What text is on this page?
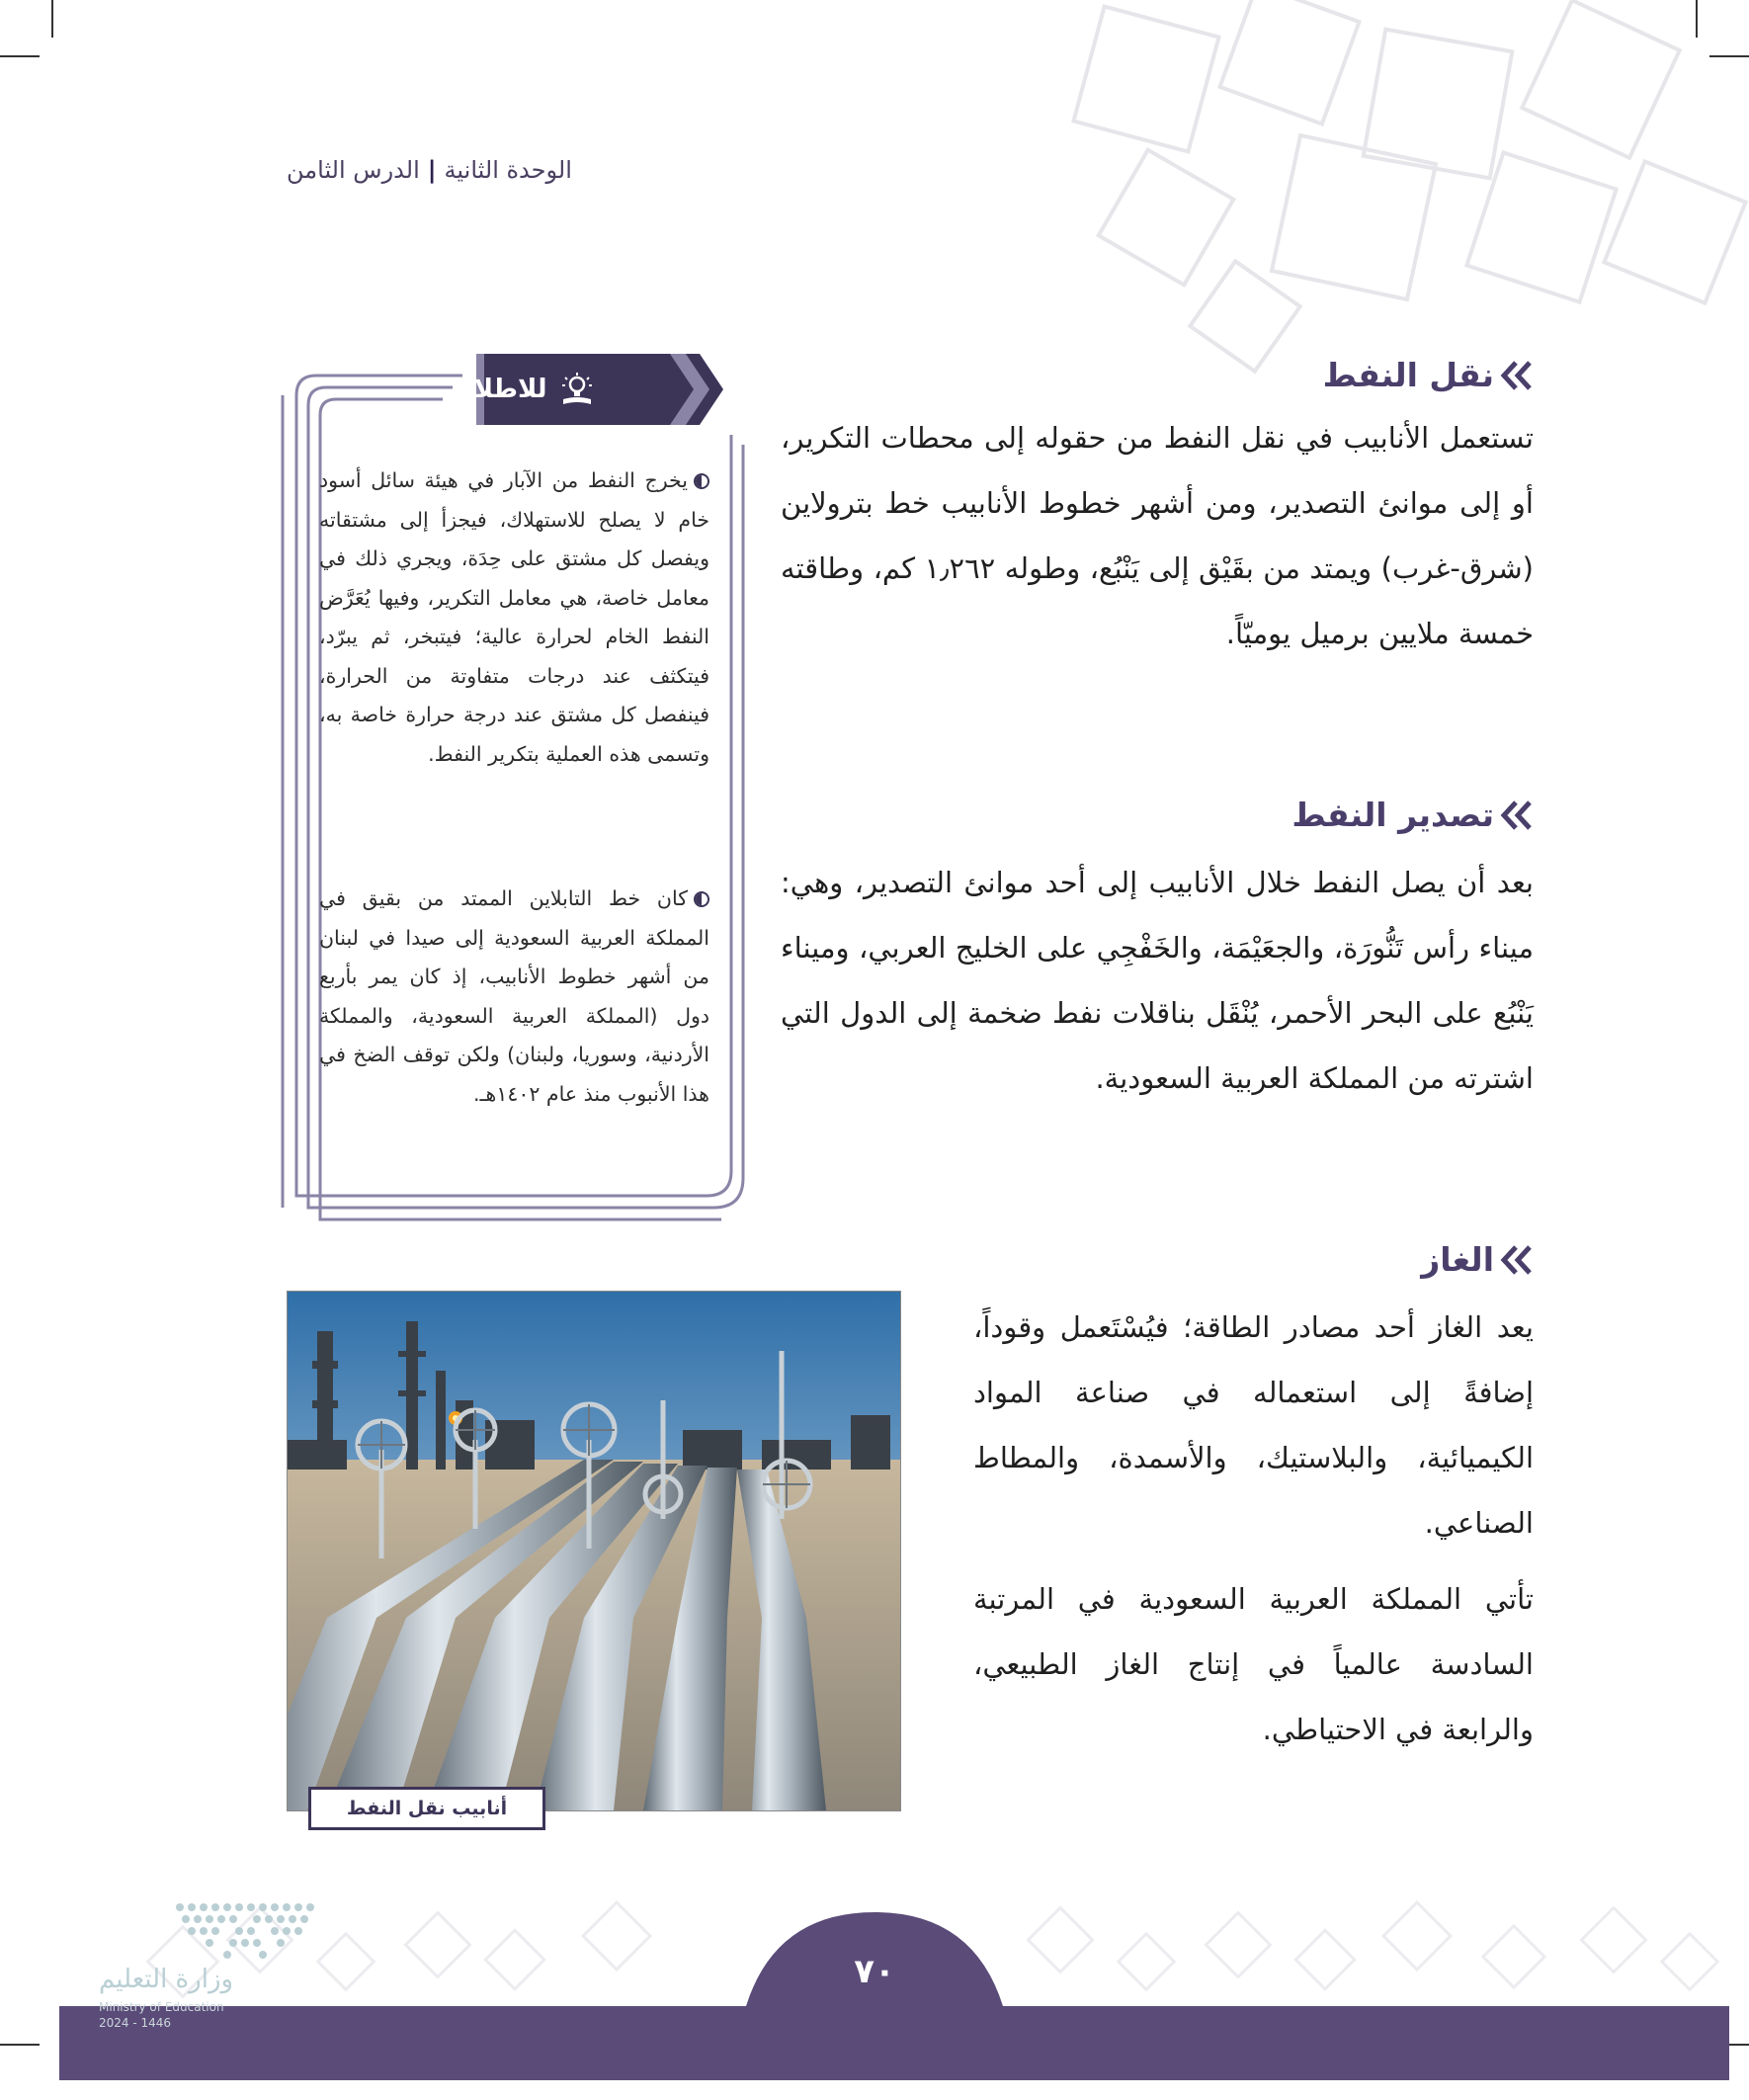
الوحدة الثانية|الدرس الثامن
نقل النفط
تستعمل الأنابيب في نقل النفط من حقوله إلى محطات التكرير، أو إلى موانئ التصدير، ومن أشهر خطوط الأنابيب خط بترولاين (شرق-غرب) ويمتد من بقَيْق إلى يَنْبُع، وطوله ١٫٢٦٢ كم، وطاقته خمسة ملايين برميل يوميّاً.
تصدير النفط
بعد أن يصل النفط خلال الأنابيب إلى أحد موانئ التصدير، وهي: ميناء رأس تَنُّورَة، والجعَيْمَة، والخَفْجِي على الخليج العربي، وميناء يَنْبُع على البحر الأحمر، يُنْقَل بناقلات نفط ضخمة إلى الدول التي اشترته من المملكة العربية السعودية.
الغاز
يعد الغاز أحد مصادر الطاقة؛ فيُسْتَعمل وقوداً، إضافةً إلى استعماله في صناعة المواد الكيميائية، والبلاستيك، والأسمدة، والمطاط الصناعي.
تأتي المملكة العربية السعودية في المرتبة السادسة عالمياً في إنتاج الغاز الطبيعي، والرابعة في الاحتياطي.
للاطلاع
يخرج النفط من الآبار في هيئة سائل أسود خام لا يصلح للاستهلاك، فيجزأ إلى مشتقاته ويفصل كل مشتق على حِدَة، ويجري ذلك في معامل خاصة، هي معامل التكرير، وفيها يُعَرَّض النفط الخام لحرارة عالية؛ فيتبخر، ثم يبرّد، فيتكثف عند درجات متفاوتة من الحرارة، فينفصل كل مشتق عند درجة حرارة خاصة به، وتسمى هذه العملية بتكرير النفط.
كان خط التابلاين الممتد من بقيق في المملكة العربية السعودية إلى صيدا في لبنان من أشهر خطوط الأنابيب، إذ كان يمر بأربع دول (المملكة العربية السعودية، والمملكة الأردنية، وسوريا، ولبنان) ولكن توقف الضخ في هذا الأنبوب منذ عام ١٤٠٢هـ.
أنابيب نقل النفط
٧٠
وزارة التعليم
Ministry of Education
2024 - 1446
